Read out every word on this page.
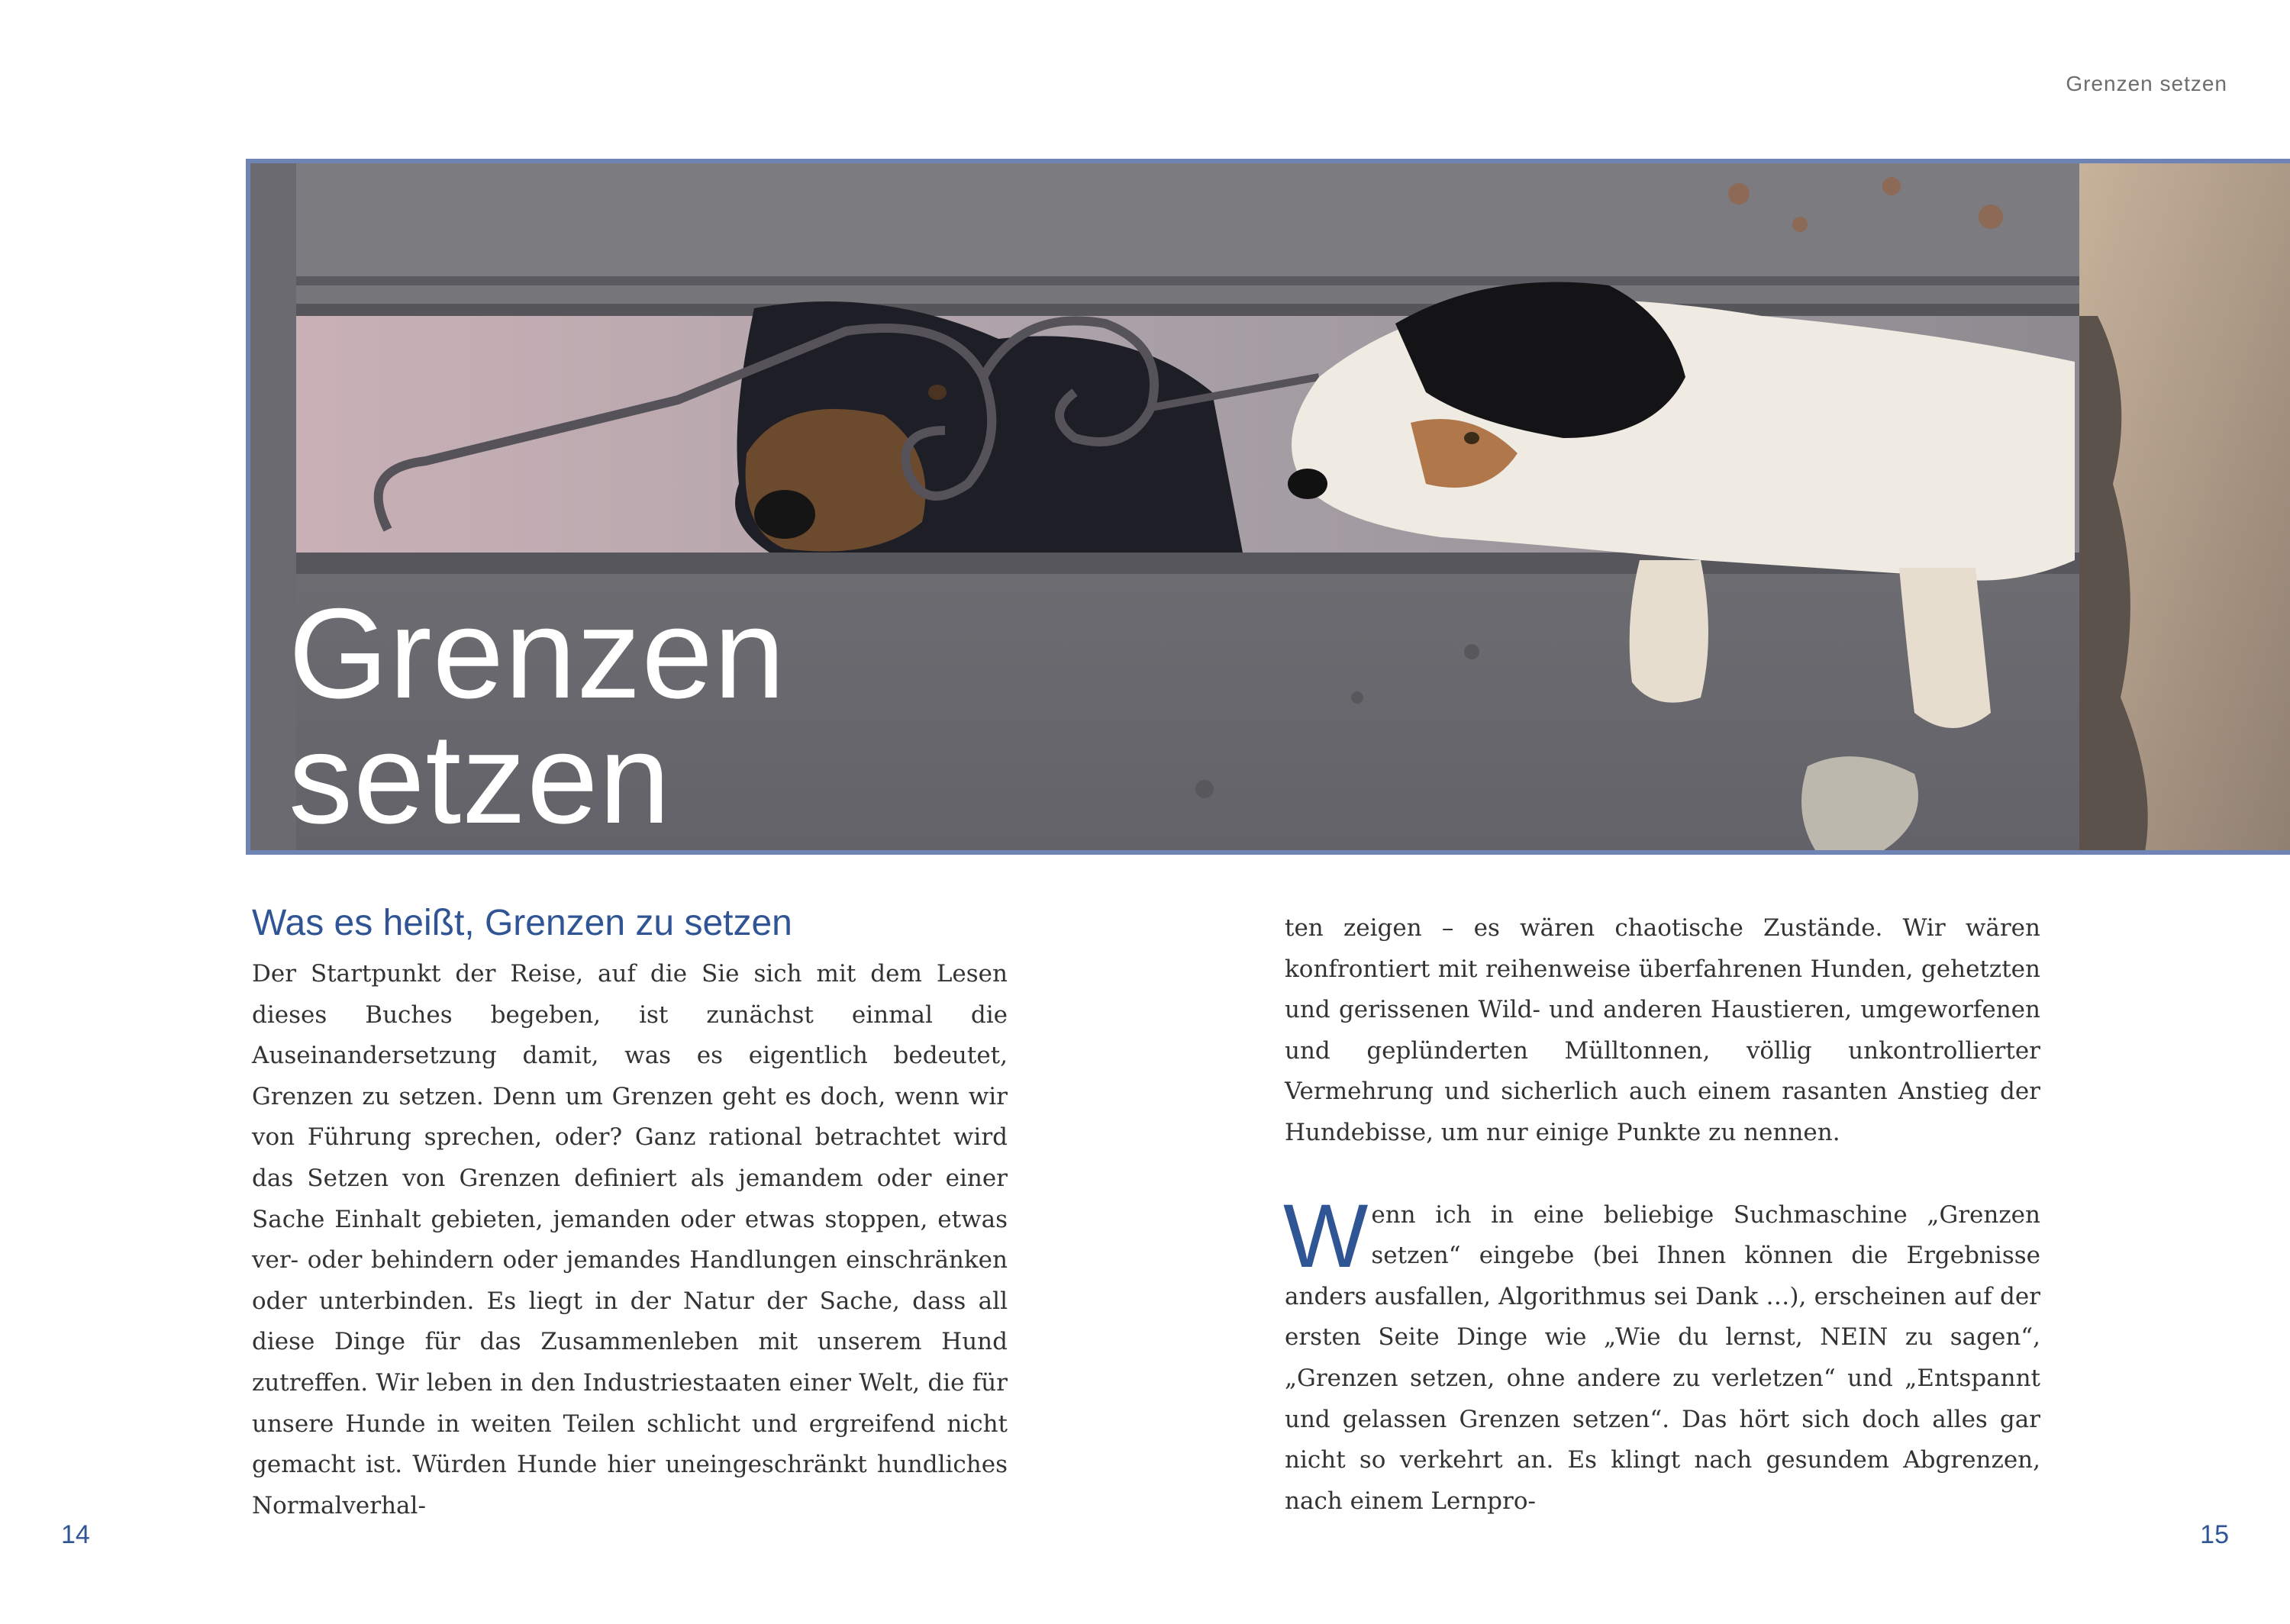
Grenzen setzen
Grenzen
setzen
Was es heißt, Grenzen zu setzen

Der Startpunkt der Reise, auf die Sie sich mit dem Lesen dieses Buches begeben, ist zunächst einmal die Auseinandersetzung damit, was es eigentlich bedeutet, Grenzen zu setzen. Denn um Grenzen geht es doch, wenn wir von Führung sprechen, oder? Ganz rational betrachtet wird das Setzen von Grenzen definiert als jemandem oder einer Sache Einhalt gebieten, jemanden oder etwas stoppen, etwas ver- oder behindern oder jemandes Handlungen einschränken oder unterbinden. Es liegt in der Natur der Sache, dass all diese Dinge für das Zusammenleben mit unserem Hund zutreffen. Wir leben in den Industriestaaten einer Welt, die für unsere Hunde in weiten Teilen schlicht und ergreifend nicht gemacht ist. Würden Hunde hier uneingeschränkt hundliches Normalverhal-

ten zeigen – es wären chaotische Zustände. Wir wären konfrontiert mit reihenweise überfahrenen Hunden, gehetzten und gerissenen Wild- und anderen Haustieren, umgeworfenen und geplünderten Mülltonnen, völlig unkontrollierter Vermehrung und sicherlich auch einem rasanten Anstieg der Hundebisse, um nur einige Punkte zu nennen.

Wenn ich in eine beliebige Suchmaschine „Grenzen setzen“ eingebe (bei Ihnen können die Ergebnisse anders ausfallen, Algorithmus sei Dank …), erscheinen auf der ersten Seite Dinge wie „Wie du lernst, NEIN zu sagen“, „Grenzen setzen, ohne andere zu verletzen“ und „Entspannt und gelassen Grenzen setzen“. Das hört sich doch alles gar nicht so verkehrt an. Es klingt nach gesundem Abgrenzen, nach einem Lernpro-

14	15
